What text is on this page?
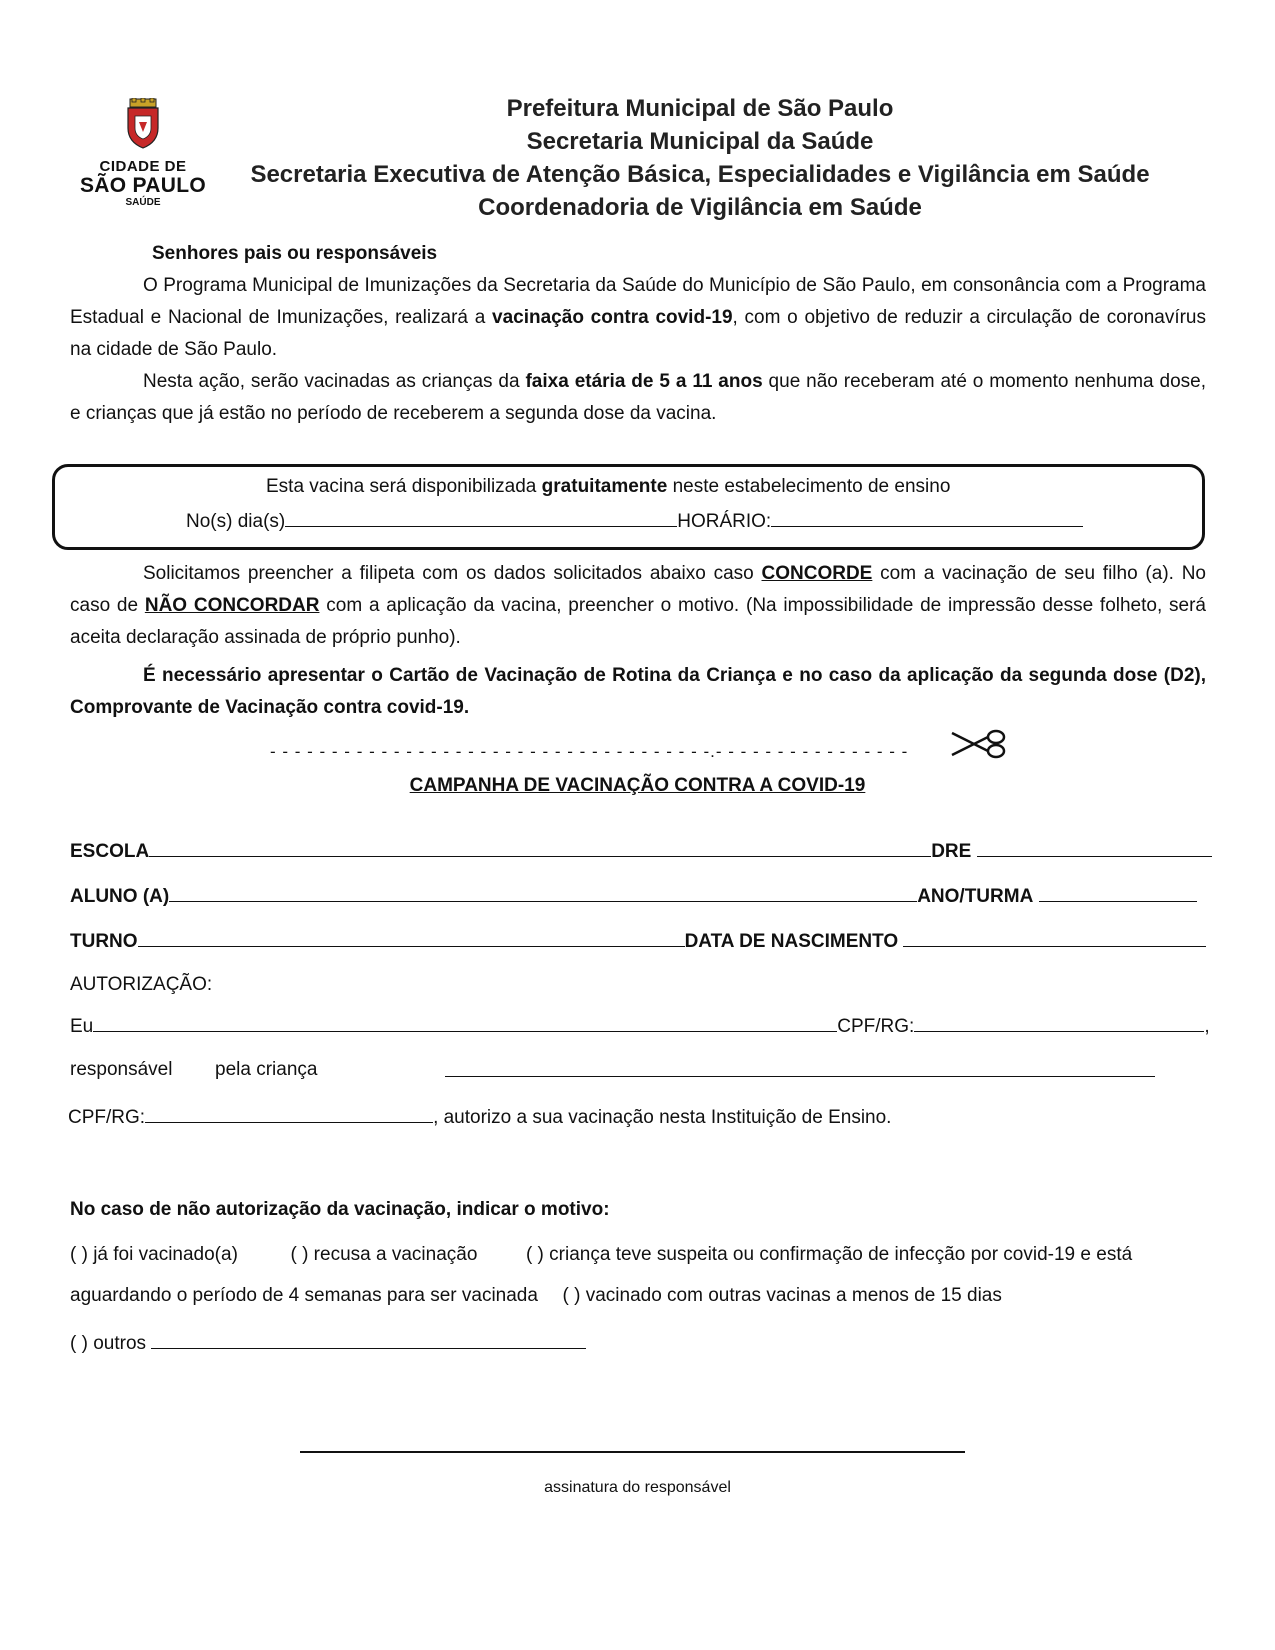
CIDADE DE
SÃO PAULO
SAÚDE
Prefeitura Municipal de São Paulo
Secretaria Municipal da Saúde
Secretaria Executiva de Atenção Básica, Especialidades e Vigilância em Saúde
Coordenadoria de Vigilância em Saúde
Senhores pais ou responsáveis
O Programa Municipal de Imunizações da Secretaria da Saúde do Município de São Paulo, em consonância com a Programa Estadual e Nacional de Imunizações, realizará a vacinação contra covid-19, com o objetivo de reduzir a circulação de coronavírus na cidade de São Paulo.
Nesta ação, serão vacinadas as crianças da faixa etária de 5 a 11 anos que não receberam até o momento nenhuma dose, e crianças que já estão no período de receberem a segunda dose da vacina.
Esta vacina será disponibilizada gratuitamente neste estabelecimento de ensino
No(s) dia(s)	HORÁRIO:
Solicitamos preencher a filipeta com os dados solicitados abaixo caso CONCORDE com a vacinação de seu filho (a). No caso de NÃO CONCORDAR com a aplicação da vacina, preencher o motivo. (Na impossibilidade de impressão desse folheto, será aceita declaração assinada de próprio punho).
É necessário apresentar o Cartão de Vacinação de Rotina da Criança e no caso da aplicação da segunda dose (D2), Comprovante de Vacinação contra covid-19.
- - - - - - - - - - - - - - - - - - - - - - - - - - - - - - - - - - - -.- - - - - - - - - - - - - - - -
CAMPANHA DE VACINAÇÃO CONTRA A COVID-19
ESCOLA	DRE
ALUNO (A)	ANO/TURMA
TURNO	DATA DE NASCIMENTO
AUTORIZAÇÃO:
Eu	CPF/RG:	,
responsável pela criança
CPF/RG:	, autorizo a sua vacinação nesta Instituição de Ensino.
No caso de não autorização da vacinação, indicar o motivo:
( ) já foi vacinado(a)	( ) recusa a vacinação	( ) criança teve suspeita ou confirmação de infecção por covid-19 e está
aguardando o período de 4 semanas para ser vacinada ( ) vacinado com outras vacinas a menos de 15 dias
( ) outros
assinatura do responsável
